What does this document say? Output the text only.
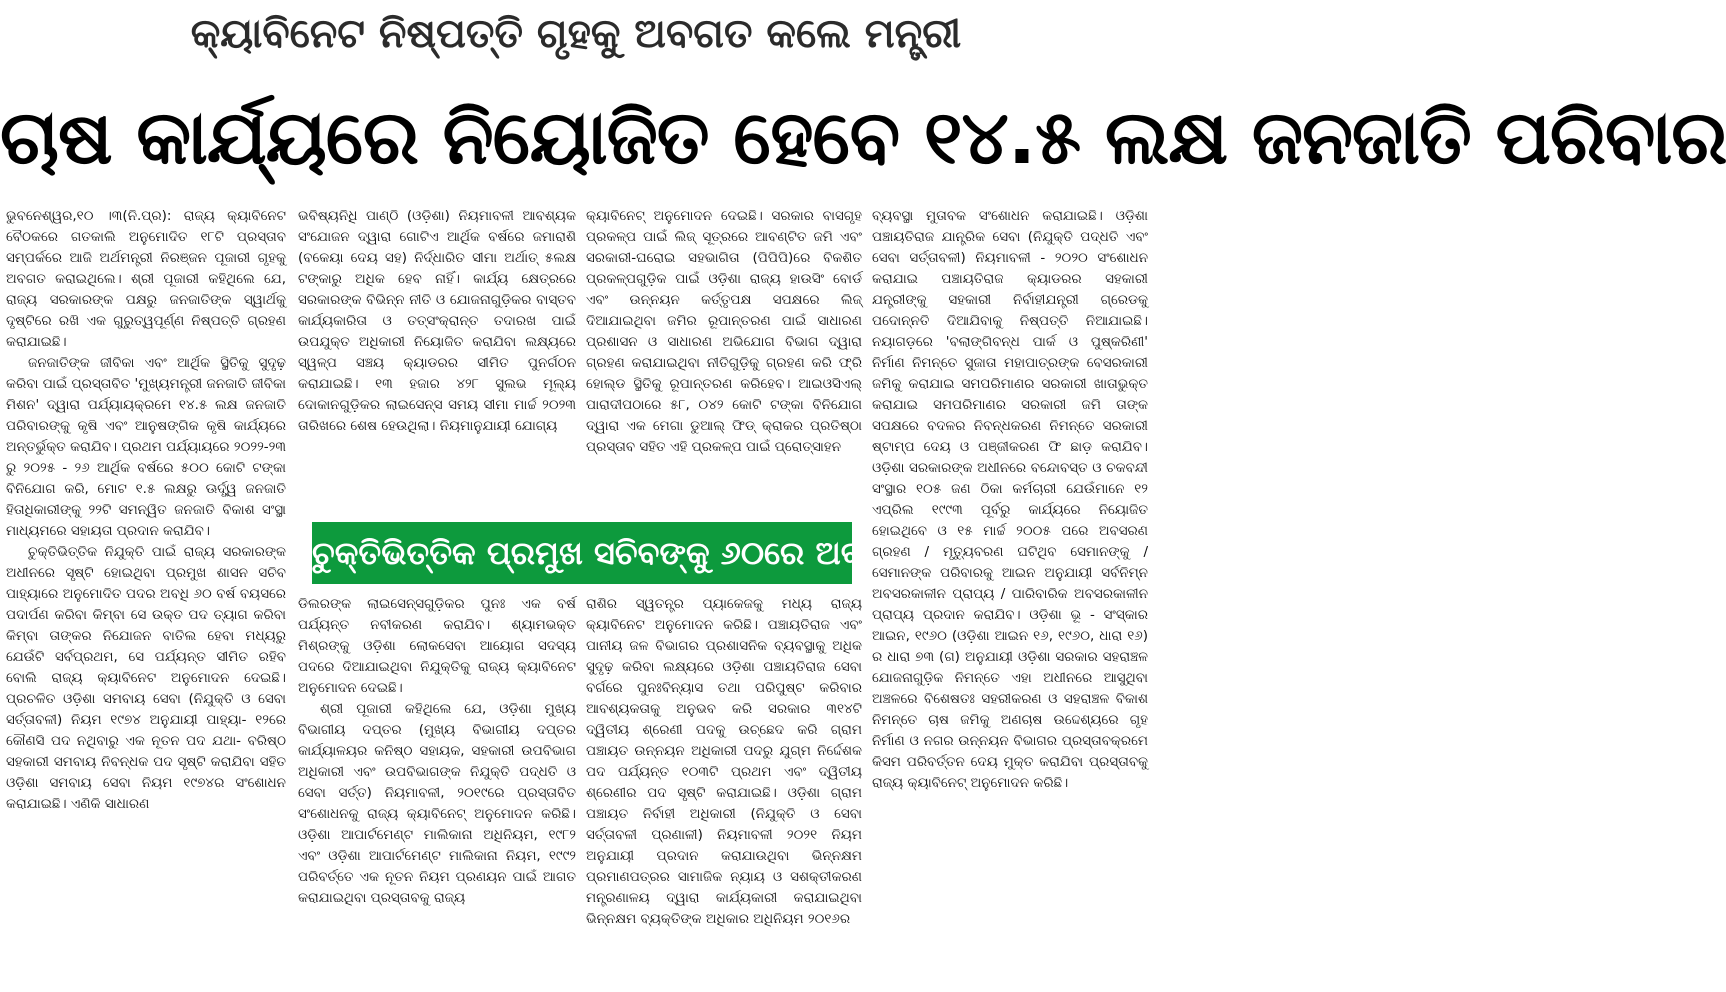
କ୍ୟାବିନେଟ ନିଷ୍ପତ୍ତି ଗୃହକୁ ଅବଗତ କଲେ ମନ୍ତ୍ରୀ
ଚାଷ କାର୍ଯ୍ୟରେ ନିୟୋଜିତ ହେବେ ୧୪.୫ ଲକ୍ଷ ଜନଜାତି ପରିବାର

ଭୁବନେଶ୍ୱର,୧୦ ।୩(ନି.ପ୍ର): ରାଜ୍ୟ କ୍ୟାବିନେଟ ବୈଠକରେ ଗତକାଲି ଅନୁମୋଦିତ ୧୮ଟି ପ୍ରସ୍ତାବ ସମ୍ପର୍କରେ ଆଜି ଅର୍ଥମନ୍ତ୍ରୀ ନିରଞ୍ଜନ ପୂଜାରୀ ଗୃହକୁ ଅବଗତ କରାଇଥିଲେ। ଶ୍ରୀ ପୂଜାରୀ କହିଥିଲେ ଯେ, ରାଜ୍ୟ ସରକାରଙ୍କ ପକ୍ଷରୁ ଜନଜାତିଙ୍କ ସ୍ୱାର୍ଥକୁ ଦୃଷ୍ଟିରେ ରଖି ଏକ ଗୁରୁତ୍ୱପୂର୍ଣ୍ଣ ନିଷ୍ପତ୍ତି ଗ୍ରହଣ କରାଯାଇଛି।

ଜନଜାତିଙ୍କ ଜୀବିକା ଏବଂ ଆର୍ଥିକ ସ୍ଥିତିକୁ ସୁଦୃଢ଼ କରିବା ପାଇଁ ପ୍ରସ୍ତାବିତ 'ମୁଖ୍ୟମନ୍ତ୍ରୀ ଜନଜାତି ଜୀବିକା ମିଶନ' ଦ୍ୱାରା ପର୍ଯ୍ୟାୟକ୍ରମେ ୧୪.୫ ଲକ୍ଷ ଜନଜାତି ପରିବାରଙ୍କୁ କୃଷି ଏବଂ ଆନୁଷଙ୍ଗିକ କୃଷି କାର୍ଯ୍ୟରେ ଅନ୍ତର୍ଭୁକ୍ତ କରାଯିବ। ପ୍ରଥମ ପର୍ଯ୍ୟାୟରେ ୨୦୨୨-୨୩ ରୁ ୨୦୨୫ - ୨୬ ଆର୍ଥିକ ବର୍ଷରେ ୫୦୦ କୋଟି ଟଙ୍କା ବିନିଯୋଗ କରି, ମୋଟ ୧.୫ ଲକ୍ଷରୁ ଊର୍ଦ୍ଧ୍ୱ ଜନଜାତି ହିତାଧିକାରୀଙ୍କୁ ୨୨ଟି ସମନ୍ୱିତ ଜନଜାତି ବିକାଶ ସଂସ୍ଥା ମାଧ୍ୟମରେ ସହାୟତା ପ୍ରଦାନ କରାଯିବ।

ଚୁକ୍ତିଭିତ୍ତିକ ନିଯୁକ୍ତି ପାଇଁ ରାଜ୍ୟ ସରକାରଙ୍କ ଅଧୀନରେ ସୃଷ୍ଟି ହୋଇଥିବା ପ୍ରମୁଖ ଶାସନ ସଚିବ ପାହ୍ୟାରେ ଅନୁମୋଦିତ ପଦର ଅବଧି ୬୦ ବର୍ଷ ବୟସରେ ପଦାର୍ପଣ କରିବା କିମ୍ବା ସେ ଉକ୍ତ ପଦ ତ୍ୟାଗ କରିବା କିମ୍ବା ତାଙ୍କର ନିଯୋଜନ ବାତିଲ ହେବା ମଧ୍ୟରୁ ଯେଉଁଟି ସର୍ବପ୍ରଥମ, ସେ ପର୍ଯ୍ୟନ୍ତ ସୀମିତ ରହିବ ବୋଲି ରାଜ୍ୟ କ୍ୟାବିନେଟ ଅନୁମୋଦନ ଦେଇଛି। ପ୍ରଚଳିତ ଓଡ଼ିଶା ସମବାୟ ସେବା (ନିଯୁକ୍ତି ଓ ସେବା ସର୍ତ୍ତାବଳୀ) ନିୟମ ୧୯୭୪ ଅନୁଯାୟୀ ପାହ୍ୟା- ୧୨ରେ କୌଣସି ପଦ ନଥିବାରୁ ଏକ ନୂତନ ପଦ ଯଥା- ବରିଷ୍ଠ ସହକାରୀ ସମବାୟ ନିବନ୍ଧକ ପଦ ସୃଷ୍ଟି କରାଯିବା ସହିତ ଓଡ଼ିଶା ସମବାୟ ସେବା ନିୟମ ୧୯୭୪ର ସଂଶୋଧନ କରାଯାଇଛି। ଏଣିକି ସାଧାରଣ

ଭବିଷ୍ୟନିଧି ପାଣ୍ଠି (ଓଡ଼ିଶା) ନିୟମାବଳୀ ଆବଶ୍ୟକ ସଂଯୋଜନ ଦ୍ୱାରା ଗୋଟିଏ ଆର୍ଥିକ ବର୍ଷରେ ଜମାରାଶି (ବକେୟା ଦେୟ ସହ) ନିର୍ଦ୍ଧାରିତ ସୀମା ଅର୍ଥାତ୍ ୫ଲକ୍ଷ ଟଙ୍କାରୁ ଅଧିକ ହେବ ନାହିଁ। କାର୍ଯ୍ୟ କ୍ଷେତ୍ରରେ ସରକାରଙ୍କ ବିଭିନ୍ନ ନୀତି ଓ ଯୋଜନାଗୁଡ଼ିକର ବାସ୍ତବ କାର୍ଯ୍ୟକାରିତା ଓ ତତ୍‌ସଂକ୍ରାନ୍ତ ତଦାରଖ ପାଇଁ ଉପଯୁକ୍ତ ଅଧିକାରୀ ନିୟୋଜିତ କରାଯିବା ଲକ୍ଷ୍ୟରେ ସ୍ୱଳ୍ପ ସଞ୍ଚୟ କ୍ୟାଡରର ସୀମିତ ପୁନର୍ଗଠନ କରାଯାଇଛି। ୧୩ ହଜାର ୪୨୮ ସୁଲଭ ମୂଲ୍ୟ ଦୋକାନଗୁଡ଼ିକର ଲାଇସେନ୍ସ ସମୟ ସୀମା ମାର୍ଚ୍ଚ ୨୦୨୩ ତାରିଖରେ ଶେଷ ହେଉଥିଲା। ନିୟମାନୁଯାୟୀ ଯୋଗ୍ୟ

କ୍ୟାବିନେଟ୍ ଅନୁମୋଦନ ଦେଇଛି। ସରକାର ବାସଗୃହ ପ୍ରକଳ୍ପ ପାଇଁ ଲିଜ୍ ସୂତ୍ରରେ ଆବଣ୍ଟିତ ଜମି ଏବଂ ସରକାରୀ-ଘରୋଇ ସହଭାଗିତା (ପିପିପି)ରେ ବିକଶିତ ପ୍ରକଳ୍ପଗୁଡ଼ିକ ପାଇଁ ଓଡ଼ିଶା ରାଜ୍ୟ ହାଉସିଂ ବୋର୍ଡ ଏବଂ ଉନ୍ନୟନ କର୍ତ୍ତୃପକ୍ଷ ସପକ୍ଷରେ ଲିଜ୍ ଦିଆଯାଇଥିବା ଜମିର ରୂପାନ୍ତରଣ ପାଇଁ ସାଧାରଣ ପ୍ରଶାସନ ଓ ସାଧାରଣ ଅଭିଯୋଗ ବିଭାଗ ଦ୍ୱାରା ଗ୍ରହଣ କରାଯାଇଥିବା ନୀତିଗୁଡ଼ିକୁ ଗ୍ରହଣ କରି ଫ୍ରି ହୋଲ୍ଡ ସ୍ଥିତିକୁ ରୂପାନ୍ତରଣ କରିହେବ। ଆଇଓସିଏଲ୍ ପାରାଦୀପଠାରେ ୫୮, ୦୪୨ କୋଟି ଟଙ୍କା ବିନିଯୋଗ ଦ୍ୱାରା ଏକ ମେଗା ଡୁଆଲ୍ ଫିଡ୍ କ୍ରାକର ପ୍ରତିଷ୍ଠା ପ୍ରସ୍ତାବ ସହିତ ଏହି ପ୍ରକଳ୍ପ ପାଇଁ ପ୍ରୋତ୍ସାହନ

ଚୁକ୍ତିଭିତ୍ତିକ ପ୍ରମୁଖ ସଚିବଙ୍କୁ ୬୦ରେ ଅବସର

ଡିଲରଙ୍କ ଲାଇସେନ୍ସଗୁଡ଼ିକର ପୁନଃ ଏକ ବର୍ଷ ପର୍ଯ୍ୟନ୍ତ ନବୀକରଣ କରାଯିବ। ଶ୍ୟାମଭକ୍ତ ମିଶ୍ରଙ୍କୁ ଓଡ଼ିଶା ଲୋକସେବା ଆୟୋଗ ସଦସ୍ୟ ପଦରେ ଦିଆଯାଇଥିବା ନିଯୁକ୍ତିକୁ ରାଜ୍ୟ କ୍ୟାବିନେଟ ଅନୁମୋଦନ ଦେଇଛି।

ଶ୍ରୀ ପୂଜାରୀ କହିଥିଲେ ଯେ, ଓଡ଼ିଶା ମୁଖ୍ୟ ବିଭାଗୀୟ ଦପ୍ତର (ମୁଖ୍ୟ ବିଭାଗୀୟ ଦପ୍ତର କାର୍ଯ୍ୟାଳୟର କନିଷ୍ଠ ସହାୟକ, ସହକାରୀ ଉପବିଭାଗ ଅଧିକାରୀ ଏବଂ ଉପବିଭାଗଙ୍କ ନିଯୁକ୍ତି ପଦ୍ଧତି ଓ ସେବା ସର୍ତ୍ତ) ନିୟମାବଳୀ, ୨୦୧୯ରେ ପ୍ରସ୍ତାବିତ ସଂଶୋଧନକୁ ରାଜ୍ୟ କ୍ୟାବିନେଟ୍ ଅନୁମୋଦନ କରିଛି। ଓଡ଼ିଶା ଆପାର୍ଟମେଣ୍ଟ ମାଲିକାନା ଅଧିନିୟମ, ୧୯୮୨ ଏବଂ ଓଡ଼ିଶା ଆପାର୍ଟମେଣ୍ଟ ମାଲିକାନା ନିୟମ, ୧୯୯୨ ପରିବର୍ତ୍ତେ ଏକ ନୂତନ ନିୟମ ପ୍ରଣୟନ ପାଇଁ ଆଗତ କରାଯାଇଥିବା ପ୍ରସ୍ତାବକୁ ରାଜ୍ୟ

ରାଶିର ସ୍ୱତନ୍ତ୍ର ପ୍ୟାକେଜକୁ ମଧ୍ୟ ରାଜ୍ୟ କ୍ୟାବିନେଟ ଅନୁମୋଦନ କରିଛି। ପଞ୍ଚାୟତିରାଜ ଏବଂ ପାନୀୟ ଜଳ ବିଭାଗର ପ୍ରଶାସନିକ ବ୍ୟବସ୍ଥାକୁ ଅଧିକ ସୁଦୃଢ଼ କରିବା ଲକ୍ଷ୍ୟରେ ଓଡ଼ିଶା ପଞ୍ଚାୟତିରାଜ ସେବା ବର୍ଗରେ ପୁନଃବିନ୍ୟାସ ତଥା ପରିପୁଷ୍ଟ କରିବାର ଆବଶ୍ୟକତାକୁ ଅନୁଭବ କରି ସରକାର ୩୧୪ଟି ଦ୍ୱିତୀୟ ଶ୍ରେଣୀ ପଦକୁ ଉଚ୍ଛେଦ କରି ଗ୍ରାମ ପଞ୍ଚାୟତ ଉନ୍ନୟନ ଅଧିକାରୀ ପଦରୁ ଯୁଗ୍ମ ନିର୍ଦ୍ଦେଶକ ପଦ ପର୍ଯ୍ୟନ୍ତ ୧୦୩ଟି ପ୍ରଥମ ଏବଂ ଦ୍ୱିତୀୟ ଶ୍ରେଣୀର ପଦ ସୃଷ୍ଟି କରାଯାଇଛି। ଓଡ଼ିଶା ଗ୍ରାମ ପଞ୍ଚାୟତ ନିର୍ବାହୀ ଅଧିକାରୀ (ନିଯୁକ୍ତି ଓ ସେବା ସର୍ତ୍ତାବଳୀ ପ୍ରଣାଳୀ) ନିୟମାବଳୀ ୨୦୨୧ ନିୟମ ଅନୁଯାୟୀ ପ୍ରଦାନ କରାଯାଉଥିବା ଭିନ୍ନକ୍ଷମ ପ୍ରମାଣପତ୍ରର ସାମାଜିକ ନ୍ୟାୟ ଓ ସଶକ୍ତୀକରଣ ମନ୍ତ୍ରଣାଳୟ ଦ୍ୱାରା କାର୍ଯ୍ୟକାରୀ କରାଯାଇଥିବା ଭିନ୍ନକ୍ଷମ ବ୍ୟକ୍ତିଙ୍କ ଅଧିକାର ଅଧିନିୟମ ୨୦୧୬ର

ବ୍ୟବସ୍ଥା ମୁତାବକ ସଂଶୋଧନ କରାଯାଇଛି। ଓଡ଼ିଶା ପଞ୍ଚାୟତିରାଜ ଯାନ୍ତ୍ରିକ ସେବା (ନିଯୁକ୍ତି ପଦ୍ଧତି ଏବଂ ସେବା ସର୍ତ୍ତାବଳୀ) ନିୟମାବଳୀ - ୨୦୨୦ ସଂଶୋଧନ କରାଯାଇ ପଞ୍ଚାୟତିରାଜ କ୍ୟାଡରର ସହକାରୀ ଯନ୍ତ୍ରୀଙ୍କୁ ସହକାରୀ ନିର୍ବାହୀଯନ୍ତ୍ରୀ ଗ୍ରେଡକୁ ପଦୋନ୍ନତି ଦିଆଯିବାକୁ ନିଷ୍ପତ୍ତି ନିଆଯାଇଛି। ନୟାଗଡ଼ରେ 'ବଲାଙ୍ଗିବନ୍ଧ ପାର୍କ ଓ ପୁଷ୍କରିଣୀ' ନିର୍ମାଣ ନିମନ୍ତେ ସୁଜାତା ମହାପାତ୍ରଙ୍କ ବେସରକାରୀ ଜମିକୁ କରାଯାଇ ସମପରିମାଣର ସରକାରୀ ଖାତାଭୁକ୍ତ କରାଯାଇ ସମପରିମାଣର ସରକାରୀ ଜମି ତାଙ୍କ ସପକ୍ଷରେ ବଦଳର ନିବନ୍ଧକରଣ ନିମନ୍ତେ ସରକାରୀ ଷ୍ଟାମ୍ପ ଦେୟ ଓ ପଞ୍ଜୀକରଣ ଫି ଛାଡ଼ କରାଯିବ। ଓଡ଼ିଶା ସରକାରଙ୍କ ଅଧୀନରେ ବନ୍ଦୋବସ୍ତ ଓ ଚକବନ୍ଦୀ ସଂସ୍ଥାର ୧୦୫ ଜଣ ଠିକା କର୍ମଚାରୀ ଯେଉଁମାନେ ୧୨ ଏପ୍ରିଲ ୧୯୯୩ ପୂର୍ବରୁ କାର୍ଯ୍ୟରେ ନିୟୋଜିତ ହୋଇଥିବେ ଓ ୧୫ ମାର୍ଚ୍ଚ ୨୦୦୫ ପରେ ଅବସରଣ ଗ୍ରହଣ / ମୃତ୍ୟୁବରଣ ଘଟିଥିବ ସେମାନଙ୍କୁ / ସେମାନଙ୍କ ପରିବାରକୁ ଆଇନ ଅନୁଯାୟୀ ସର୍ବନିମ୍ନ ଅବସରକାଳୀନ ପ୍ରାପ୍ୟ / ପାରିବାରିକ ଅବସରକାଳୀନ ପ୍ରାପ୍ୟ ପ୍ରଦାନ କରାଯିବ। ଓଡ଼ିଶା ଭୂ - ସଂସ୍କାର ଆଇନ, ୧୯୬୦ (ଓଡ଼ିଶା ଆଇନ ୧୬, ୧୯୬୦, ଧାରା ୧୬) ର ଧାରା ୭୩ (ଗ) ଅନୁଯାୟୀ ଓଡ଼ିଶା ସରକାର ସହରାଞ୍ଚଳ ଯୋଜନାଗୁଡ଼ିକ ନିମନ୍ତେ ଏହା ଅଧୀନରେ ଆସୁଥିବା ଅଞ୍ଚଳରେ ବିଶେଷତଃ ସହରୀକରଣ ଓ ସହରାଞ୍ଚଳ ବିକାଶ ନିମନ୍ତେ ଚାଷ ଜମିକୁ ଅଣଚାଷ ଉଦ୍ଦେଶ୍ୟରେ ଗୃହ ନିର୍ମାଣ ଓ ନଗର ଉନ୍ନୟନ ବିଭାଗର ପ୍ରସ୍ତାବକ୍ରମେ କିସମ ପରିବର୍ତ୍ତନ ଦେୟ ମୁକ୍ତ କରାଯିବା ପ୍ରସ୍ତାବକୁ ରାଜ୍ୟ କ୍ୟାବିନେଟ୍ ଅନୁମୋଦନ କରିଛି।
